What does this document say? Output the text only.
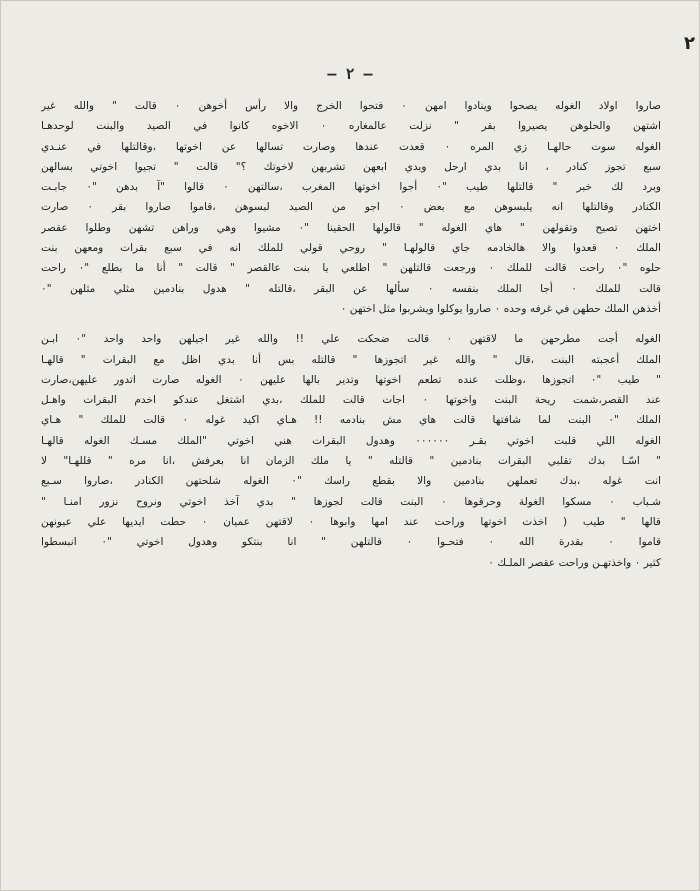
٢
— ٢ —
صاروا اولاد الغوله يصحوا وينادوا امهن ٠ فتحوا الخرج والا رأس أخوهن ٠ قالت " والله غير
اشتهن والحلوهن يصيروا بقر " نزلت عالمغاره ٠ الاخوه كانوا في الصيد والبنت لوحدهـا
الغوله سوت حالهـا زي المره ٠ قعدت عندها وصارت تسالها عن اخوتها ،وقالتلها في عنـدي
سبع تجوز كنادر ، انا بدي ارحل وبدي ابعهن تشربهن لاخوتك ؟" قالت " تجيوا اخوتي بسالهن
وبرد لك خبر " قالتلها طيب "٠ أجوا اخوتها المغرب ،سالتهن ٠ قالوا "آ بدهن "٠ جابـت
الكنادر وقالتلها انه يلبسوهن مع بعض ٠ اجو من الصيد لبسوهن ،قاموا صاروا بقر ٠ صارت
اختهن تصيح وتقولهن " هاي الغوله " قالولها الحقينا "٠ مشيوا وهي وراهن تشهن وطلوا عقصر
الملك ٠ قعدوا والا هالخادمه جاي قالولهـا " روحي قولي للملك انه في سبع بقرات ومعهن بنت
حلوه "٠ راحت قالت للملك ٠ ورجعت قالتلهن " اطلعي يا بنت عالقصر " قالت " أنا ما بطلع "٠ راحت
قالت للملك ٠ أجا الملك بنفسه ٠ سألها عن البقر ،قالتله " هدول بنادمين مثلي مثلهن "٠
أخذهن الملك حطهن في غرفه وحده ٠ صاروا يوكلوا ويشربوا مثل اختهن ٠
الغوله أجت مطرحهن ما لاقتهن ٠ قالت ضحكت علي !! والله غير اجيلهن واحد واحد "٠ ابـن
الملك أعجبته البنت ،قال " والله غير اتجوزها " قالتله بس أنا بدي اظل مع البقرات " قالهـا
" طيب "٠ اتجوزها ،وظلت عنده تطعم اخوتها وتدير بالها عليهن ٠ الغوله صارت اتدور عليهن،صارت
عند القصر،شمت ريحة البنت واخوتها ٠ اجات قالت للملك ،بدي اشتغل عندكو اخدم البقرات واهـل
الملك "٠ البنت لما شافتها قالت هاي مش بنادمه !! هـاي اكيد غوله ٠ قالت للملك " هـاي
الغوله اللي قلبت اخوتي بقـر ٠٠٠٠٠٠ وهدول البقرات هني اخوتي "الملك مسـك الغوله قالهـا
" اسّـا بدك تقلبي البقرات بنادمين " قالتله " يا ملك الزمان انا بعرفش ،انا مره " قللهـا" لا
انت غوله ،بدك تعملهن بنادمين والا بقطع راسك "٠ الغوله شلحتهن الكنادر ،صاروا سـبع
شـباب ٠ مسكوا الغولة وحرقوها ٠ البنت قالت لجوزها " بدي آخذ اخوتي ونروح نزور امنـا "
قالها " طيب ( اخذت اخوتها وراحت عند امها وابوها ٠ لاقتهن عميان ٠ حطت ايديها علي عيونهن
قاموا ٠ بقدرة الله ٠ فتحـوا ٠ قالتلهن " انا بنتكو وهدول اخوتي "٠ انبسطوا
كثير ٠ واخذتهـن وراحت عقصر الملـك ٠
